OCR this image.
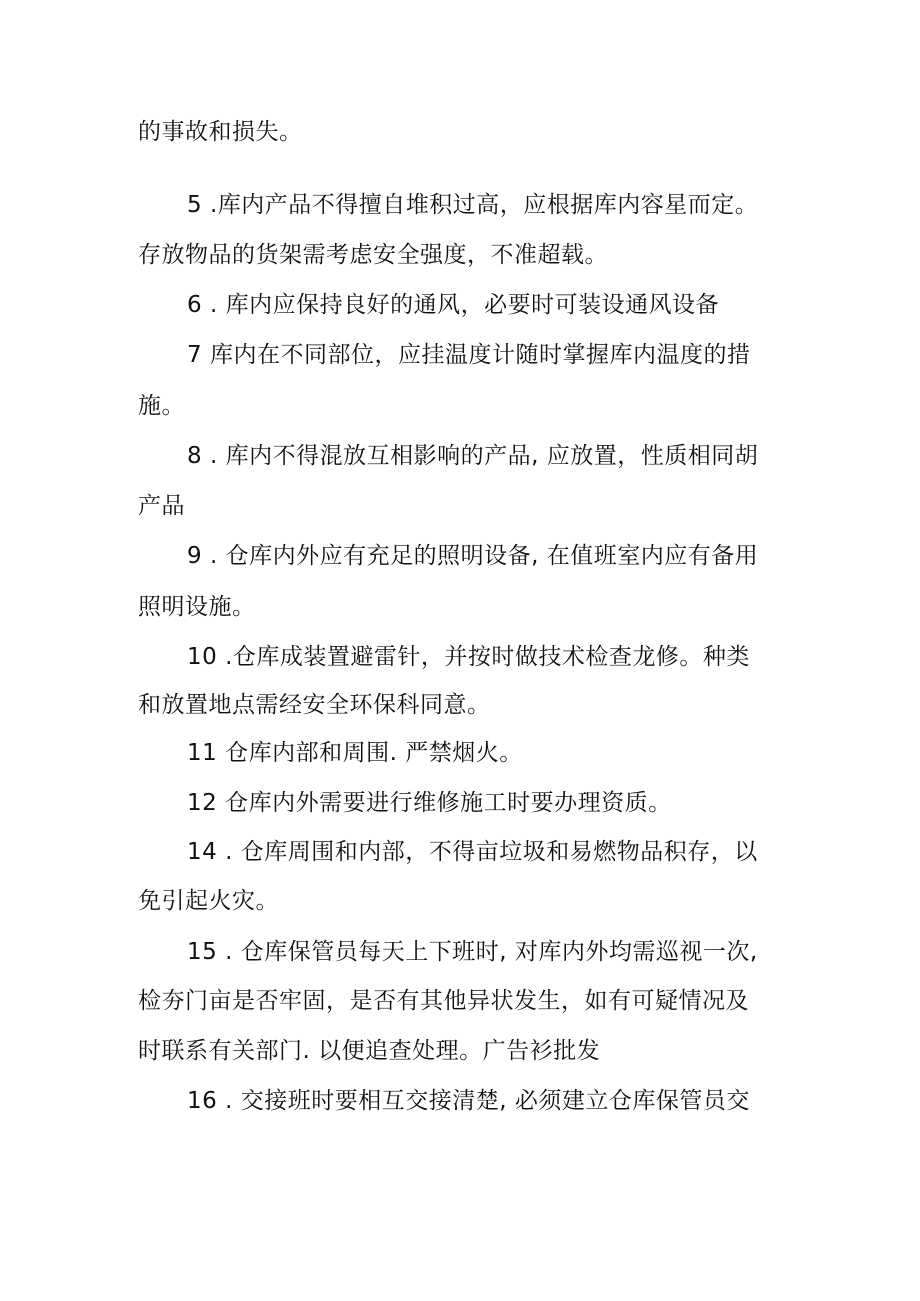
的事故和损失。
5 .库内产品不得擅自堆积过高，应根据库内容星而定。
存放物品的货架需考虑安全强度，不准超载。
6 . 库内应保持良好的通风，必要时可装设通风设备
7 库内在不同部位，应挂温度计随时掌握库内温度的措
施。
8 . 库内不得混放互相影响的产品, 应放置，性质相同胡
产品
9 . 仓库内外应有充足的照明设备, 在值班室内应有备用
照明设施。
10 .仓库成装置避雷针，并按时做技术检查龙修。种类
和放置地点需经安全环保科同意。
11 仓库内部和周围. 严禁烟火。
12 仓库内外需要进行维修施工时要办理资质。
14 . 仓库周围和内部，不得亩垃圾和易燃物品积存，以
免引起火灾。
15 . 仓库保管员每天上下班时, 对库内外均需巡视一次,
检夯门亩是否牢固，是否有其他异状发生，如有可疑情况及
时联系有关部门. 以便追查处理。广告衫批发
16 . 交接班时要相互交接清楚, 必须建立仓库保管员交
